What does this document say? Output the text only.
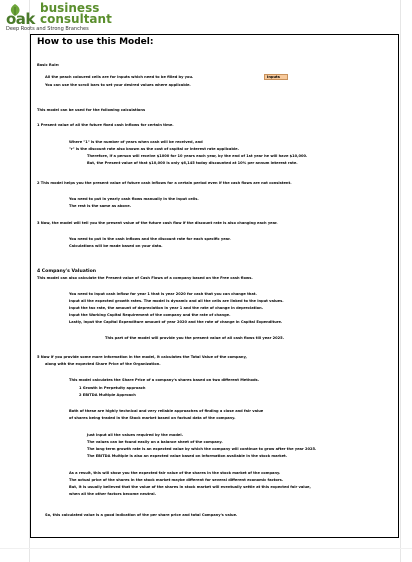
oak
business
consultant
Deep Roots and Strong Branches
How to use this Model:
Basic Rule:
All the peach coloured cells are for inputs which need to be filled by you.	Inputs
You can use the scroll bars to set your desired values where applicable.
This model can be used for the following calculations
1 Present value of all the future fixed cash inflows for certain time.
Where "1" is the number of years when cash will be received, and
"r" is the discount rate also known as the cost of capital or interest rate applicable.
Therefore, if a person will receive $1000 for 10 years each year, by the end of 1st year he will have $10,000.
But, the Present value of that $10,000 is only $6,145 today discounted at 10% per annum interest rate.
2 This model helps you the present value of future cash inflows for a certain period even if the cash flows are not consistent.
You need to put in yearly cash flows manually in the input cells.
The rest is the same as above.
3 Now, the model will tell you the present value of the future cash flow if the discount rate is also changing each year.
You need to put in the cash inflows and the discount rate for each specific year.
Calculations will be made based on your data.
4 Company's Valuation
This model can also calculate the Present value of Cash Flows of a company based on the Free cash flows.
You need to input cash inflow for year 1 that is year 2020 for cash that you can change that.
Input all the expected growth rates. The model is dynamic and all the cells are linked to the input values.
Input the tax rate, the amount of depreciation in year 1 and the rate of change in depreciation.
Input the Working Capital Requirement of the company and the rate of change.
Lastly, input the Capital Expenditure amount of year 2020 and the rate of change in Capital Expenditure.
This part of the model will provide you the present value of all cash flows till year 2025.
5 Now if you provide some more information in the model, it calculates the Total Value of the company,
along with the expected Share Price of the Organization.
This model calculates the Share Price of a company's shares based on two different Methods.
1 Growth in Perpetuity approach
2 EBITDA Multiple Approach
Both of these are highly technical and very reliable approaches of finding a close and fair value
of shares being traded in the Stock market based on factual data of the company.
Just input all the values required by the model.
The values can be found easily on a balance sheet of the company.
The long term growth rate is an expected value by which the company will continue to grow after the year 2025.
The EBITDA Multiple is also an expected value based on information available in the stock market.
As a result, this will show you the expected fair value of the shares in the stock market of the company.
The actual price of the shares in the stock market maybe different for several different economic factors.
But, it is usually believed that the value of the shares in stock market will eventually settle at this expected fair value,
when all the other factors become neutral.
So, this calculated value is a good indication of the per share price and total Company's value.
